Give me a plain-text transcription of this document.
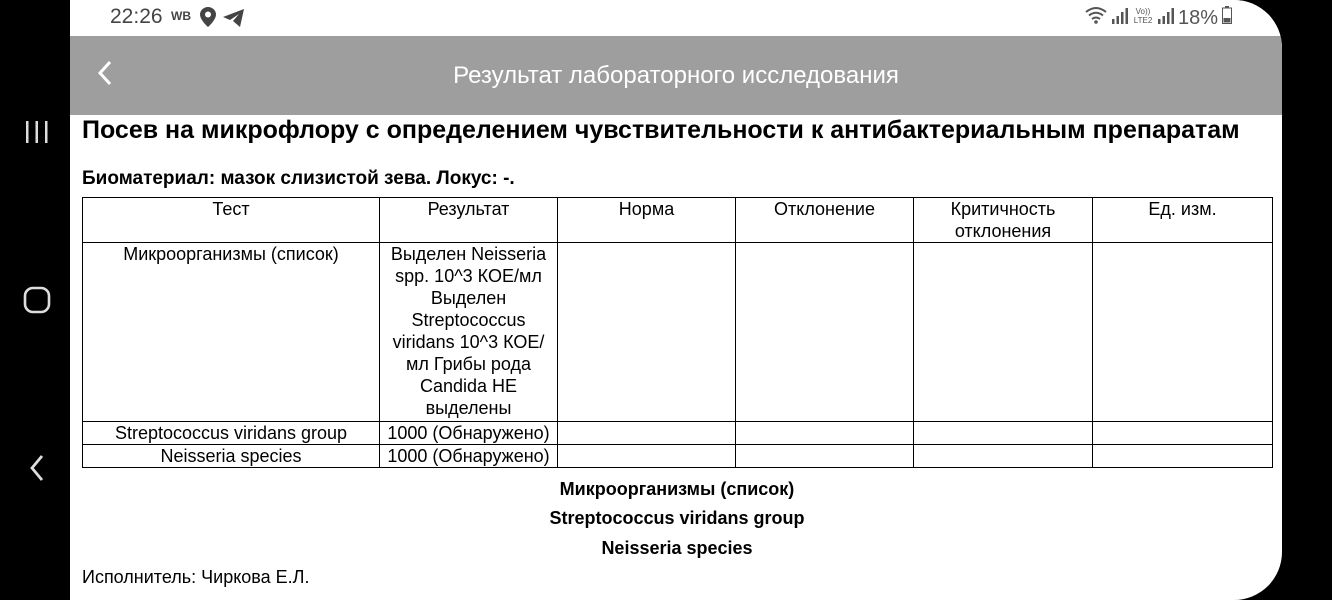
22:26 WB	Vo))
LTE2 18%
Результат лабораторного исследования
Посев на микрофлору с определением чувствительности к антибактериальным препаратам
Биоматериал: мазок слизистой зева. Локус: -.
Тест	Результат	Норма	Отклонение	Критичность отклонения	Ед. изм.
Микроорганизмы (список)	Выделен Neisseria spp. 10^3 КОЕ/мл Выделен Streptococcus viridans 10^3 КОЕ/мл Грибы рода Candida НЕ выделены				
Streptococcus viridans group	1000 (Обнаружено)				
Neisseria species	1000 (Обнаружено)				
Микроорганизмы (список)
Streptococcus viridans group
Neisseria species
Исполнитель: Чиркова Е.Л.
